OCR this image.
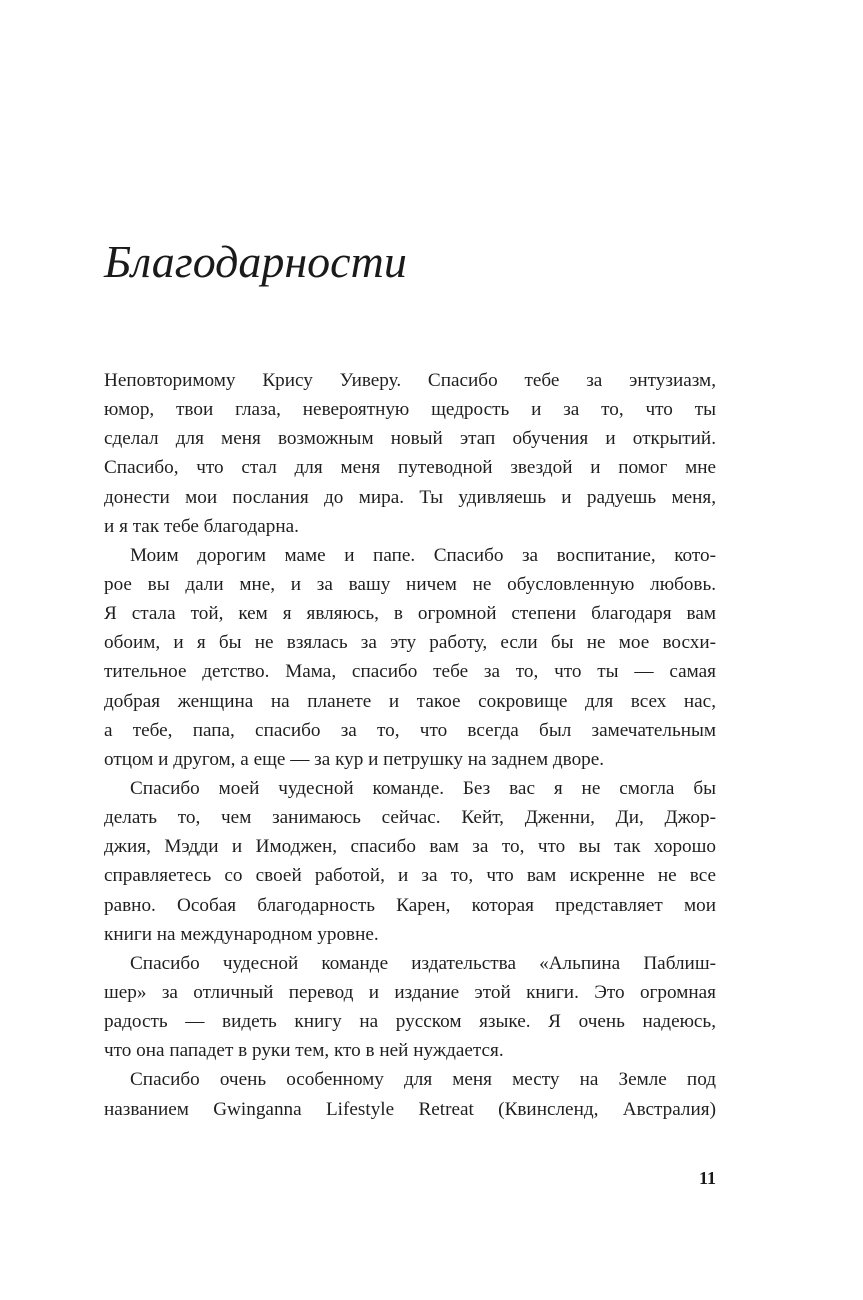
Благодарности
Неповторимому Крису Уиверу. Спасибо тебе за энтузиазм,
юмор, твои глаза, невероятную щедрость и за то, что ты
сделал для меня возможным новый этап обучения и открытий.
Спасибо, что стал для меня путеводной звездой и помог мне
донести мои послания до мира. Ты удивляешь и радуешь меня,
и я так тебе благодарна.
Моим дорогим маме и папе. Спасибо за воспитание, кото-
рое вы дали мне, и за вашу ничем не обусловленную любовь.
Я стала той, кем я являюсь, в огромной степени благодаря вам
обоим, и я бы не взялась за эту работу, если бы не мое восхи-
тительное детство. Мама, спасибо тебе за то, что ты — самая
добрая женщина на планете и такое сокровище для всех нас,
а тебе, папа, спасибо за то, что всегда был замечательным
отцом и другом, а еще — за кур и петрушку на заднем дворе.
Спасибо моей чудесной команде. Без вас я не смогла бы
делать то, чем занимаюсь сейчас. Кейт, Дженни, Ди, Джор-
джия, Мэдди и Имоджен, спасибо вам за то, что вы так хорошо
справляетесь со своей работой, и за то, что вам искренне не все
равно. Особая благодарность Карен, которая представляет мои
книги на международном уровне.
Спасибо чудесной команде издательства «Альпина Паблиш-
шер» за отличный перевод и издание этой книги. Это огромная
радость — видеть книгу на русском языке. Я очень надеюсь,
что она пападет в руки тем, кто в ней нуждается.
Спасибо очень особенному для меня месту на Земле под
названием Gwinganna Lifestyle Retreat (Квинсленд, Австралия)
11
